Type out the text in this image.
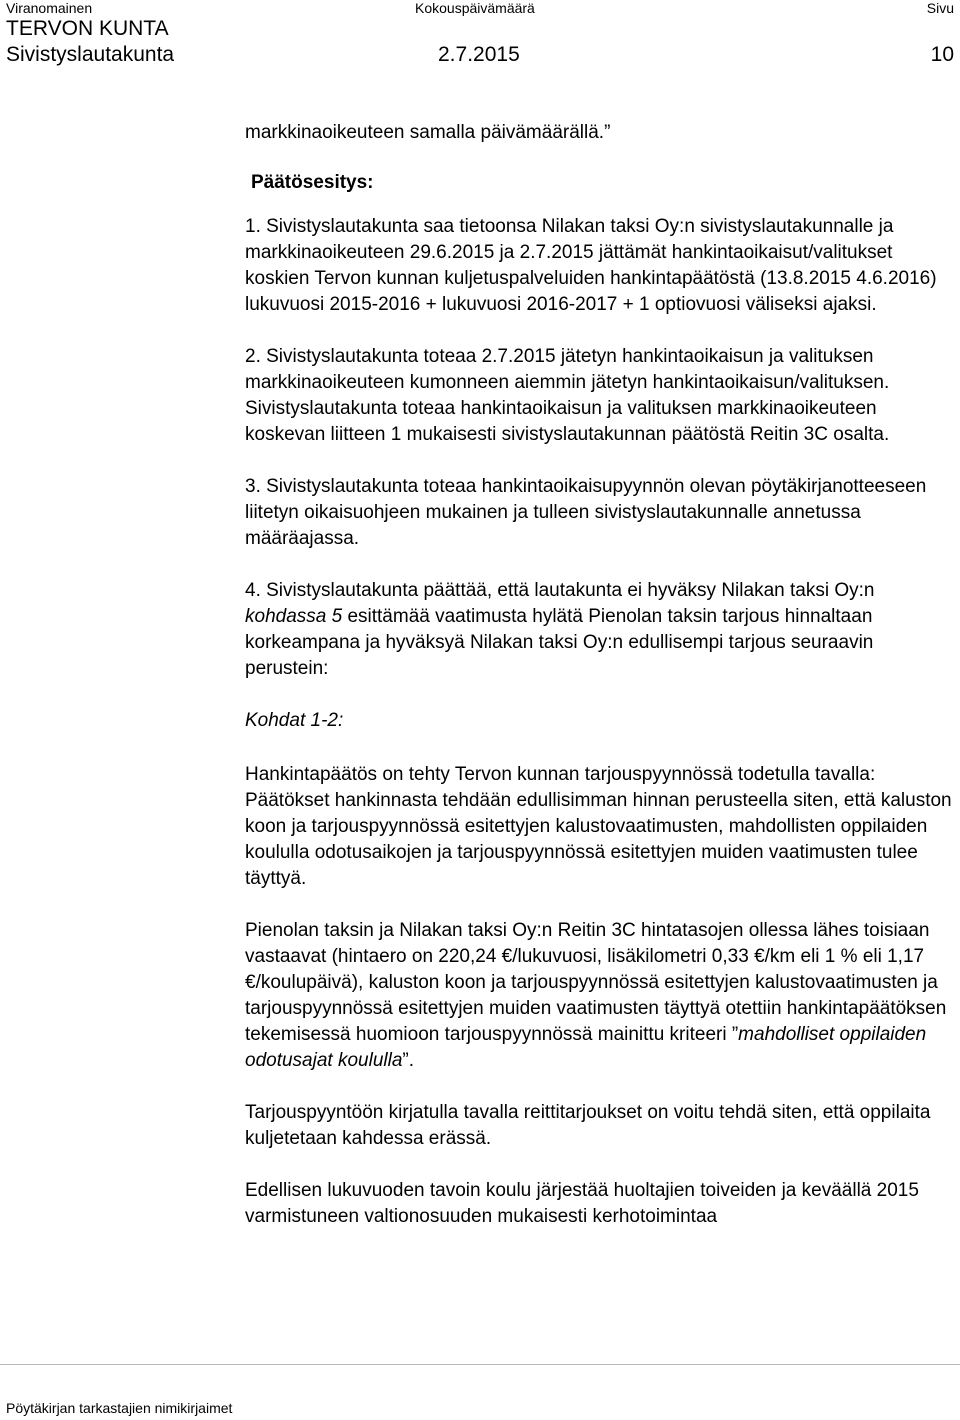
Viranomainen	Kokouspäivämäärä	Sivu
TERVON KUNTA
Sivistyslautakunta	2.7.2015	10

markkinaoikeuteen samalla päivämäärällä.”

Päätösesitys:

1. Sivistyslautakunta saa tietoonsa Nilakan taksi Oy:n sivistyslautakunnalle ja markkinaoikeuteen 29.6.2015 ja 2.7.2015 jättämät hankintaoikaisut/valitukset koskien Tervon kunnan kuljetuspalveluiden hankintapäätöstä (13.8.2015 4.6.2016) lukuvuosi 2015-2016 + lukuvuosi 2016-2017 + 1 optiovuosi väliseksi ajaksi.

2. Sivistyslautakunta toteaa 2.7.2015 jätetyn hankintaoikaisun ja valituksen markkinaoikeuteen kumonneen aiemmin jätetyn hankintaoikaisun/valituksen. Sivistyslautakunta toteaa hankintaoikaisun ja valituksen markkinaoikeuteen koskevan liitteen 1 mukaisesti sivistyslautakunnan päätöstä Reitin 3C osalta.

3. Sivistyslautakunta toteaa hankintaoikaisupyynnön olevan pöytäkirjanotteeseen liitetyn oikaisuohjeen mukainen ja tulleen sivistyslautakunnalle annetussa määräajassa.

4. Sivistyslautakunta päättää, että lautakunta ei hyväksy Nilakan taksi Oy:n kohdassa 5 esittämää vaatimusta hylätä Pienolan taksin tarjous hinnaltaan korkeampana ja hyväksyä Nilakan taksi Oy:n edullisempi tarjous seuraavin perustein:

Kohdat 1-2:

Hankintapäätös on tehty Tervon kunnan tarjouspyynnössä todetulla tavalla: Päätökset hankinnasta tehdään edullisimman hinnan perusteella siten, että kaluston koon ja tarjouspyynnössä esitettyjen kalustovaatimusten, mahdollisten oppilaiden koululla odotusaikojen ja tarjouspyynnössä esitettyjen muiden vaatimusten tulee täyttyä.

Pienolan taksin ja Nilakan taksi Oy:n Reitin 3C hintatasojen ollessa lähes toisiaan vastaavat (hintaero on 220,24 €/lukuvuosi, lisäkilometri 0,33 €/km eli 1 % eli 1,17 €/koulupäivä), kaluston koon ja tarjouspyynnössä esitettyjen kalustovaatimusten ja tarjouspyynnössä esitettyjen muiden vaatimusten täyttyä otettiin hankintapäätöksen tekemisessä huomioon tarjouspyynnössä mainittu kriteeri ”mahdolliset oppilaiden odotusajat koululla”.

Tarjouspyyntöön kirjatulla tavalla reittitarjoukset on voitu tehdä siten, että oppilaita kuljetetaan kahdessa erässä.

Edellisen lukuvuoden tavoin koulu järjestää huoltajien toiveiden ja keväällä 2015 varmistuneen valtionosuuden mukaisesti kerhotoimintaa

Pöytäkirjan tarkastajien nimikirjaimet
